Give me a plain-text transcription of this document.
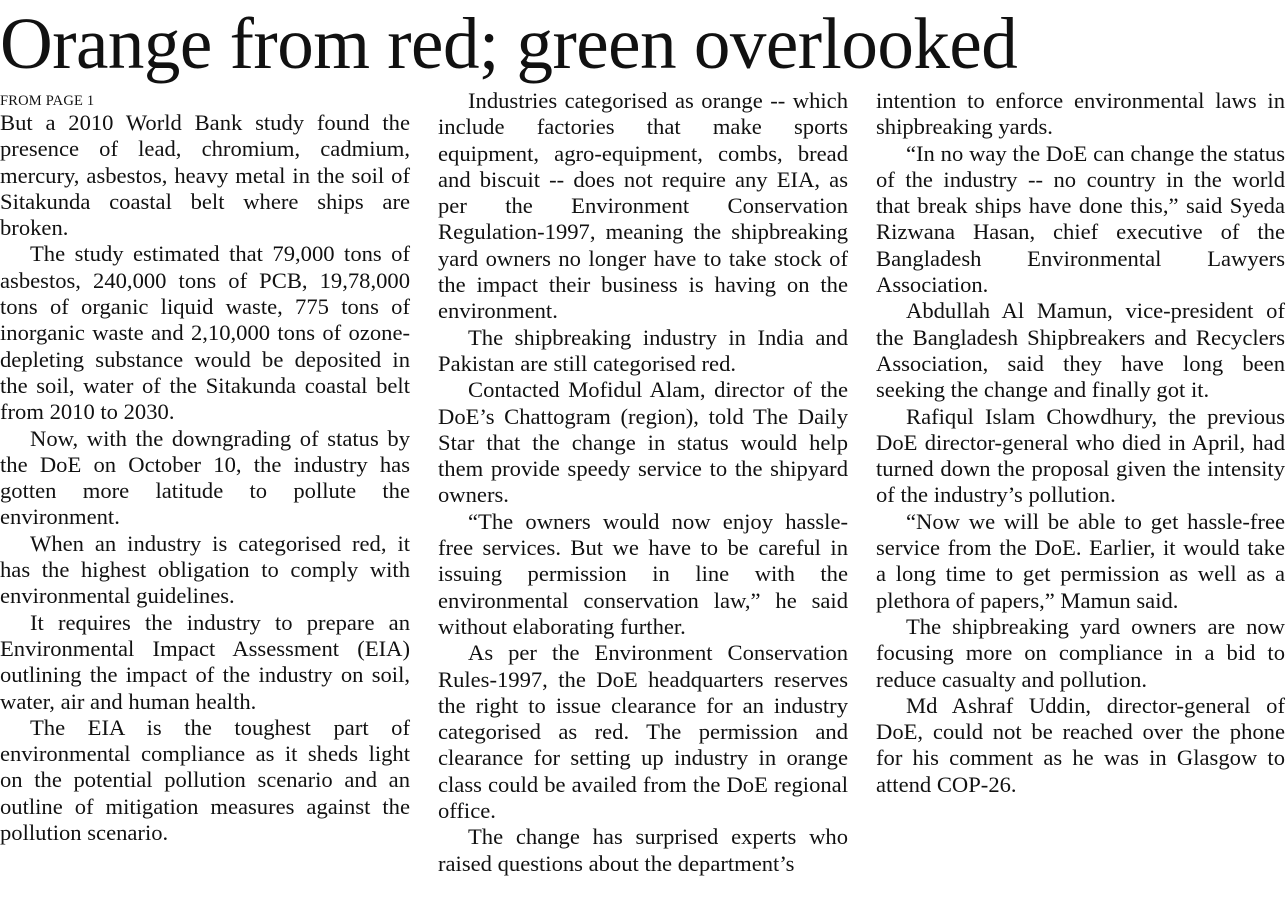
Orange from red; green overlooked
FROM PAGE 1

But a 2010 World Bank study found the presence of lead, chromium, cadmium, mercury, asbestos, heavy metal in the soil of Sitakunda coastal belt where ships are broken.

The study estimated that 79,000 tons of asbestos, 240,000 tons of PCB, 19,78,000 tons of organic liquid waste, 775 tons of inorganic waste and 2,10,000 tons of ozone-depleting substance would be deposited in the soil, water of the Sitakunda coastal belt from 2010 to 2030.

Now, with the downgrading of status by the DoE on October 10, the industry has gotten more latitude to pollute the environment.

When an industry is categorised red, it has the highest obligation to comply with environmental guidelines.

It requires the industry to prepare an Environmental Impact Assessment (EIA) outlining the impact of the industry on soil, water, air and human health.

The EIA is the toughest part of environmental compliance as it sheds light on the potential pollution scenario and an outline of mitigation measures against the pollution scenario.

Industries categorised as orange -- which include factories that make sports equipment, agro-equipment, combs, bread and biscuit -- does not require any EIA, as per the Environment Conservation Regulation-1997, meaning the shipbreaking yard owners no longer have to take stock of the impact their business is having on the environment.

The shipbreaking industry in India and Pakistan are still categorised red.

Contacted Mofidul Alam, director of the DoE’s Chattogram (region), told The Daily Star that the change in status would help them provide speedy service to the shipyard owners.

“The owners would now enjoy hassle-free services. But we have to be careful in issuing permission in line with the environmental conservation law,” he said without elaborating further.

As per the Environment Conservation Rules-1997, the DoE headquarters reserves the right to issue clearance for an industry categorised as red. The permission and clearance for setting up industry in orange class could be availed from the DoE regional office.

The change has surprised experts who raised questions about the department’s

intention to enforce environmental laws in shipbreaking yards.

“In no way the DoE can change the status of the industry -- no country in the world that break ships have done this,” said Syeda Rizwana Hasan, chief executive of the Bangladesh Environmental Lawyers Association.

Abdullah Al Mamun, vice-president of the Bangladesh Shipbreakers and Recyclers Association, said they have long been seeking the change and finally got it.

Rafiqul Islam Chowdhury, the previous DoE director-general who died in April, had turned down the proposal given the intensity of the industry’s pollution.

“Now we will be able to get hassle-free service from the DoE. Earlier, it would take a long time to get permission as well as a plethora of papers,” Mamun said.

The shipbreaking yard owners are now focusing more on compliance in a bid to reduce casualty and pollution.

Md Ashraf Uddin, director-general of DoE, could not be reached over the phone for his comment as he was in Glasgow to attend COP-26.
